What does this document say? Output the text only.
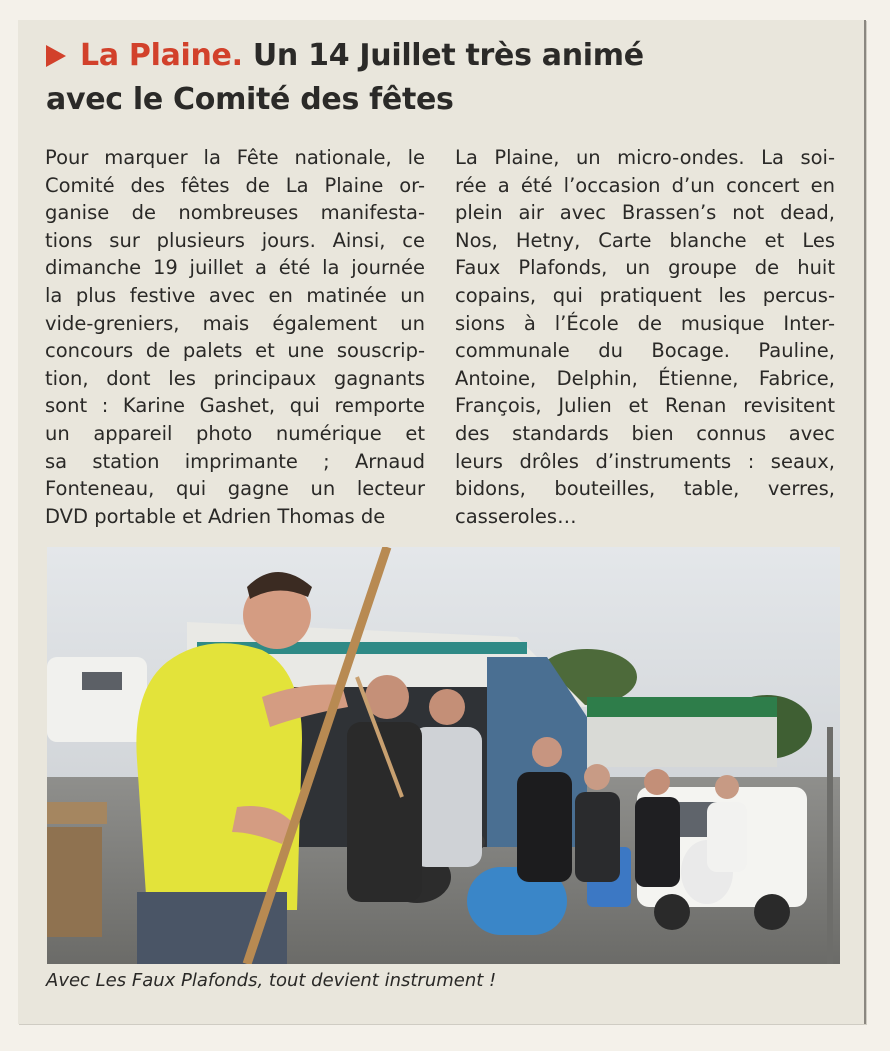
La Plaine. Un 14 Juillet très animé
avec le Comité des fêtes
Pour marquer la Fête nationale, le
Comité des fêtes de La Plaine or-
ganise de nombreuses manifesta-
tions sur plusieurs jours. Ainsi, ce
dimanche 19 juillet a été la journée
la plus festive avec en matinée un
vide-greniers, mais également un
concours de palets et une souscrip-
tion, dont les principaux gagnants
sont : Karine Gashet, qui remporte
un appareil photo numérique et
sa station imprimante ; Arnaud
Fonteneau, qui gagne un lecteur
DVD portable et Adrien Thomas de
La Plaine, un micro-ondes. La soi-
rée a été l’occasion d’un concert en
plein air avec Brassen’s not dead,
Nos, Hetny, Carte blanche et Les
Faux Plafonds, un groupe de huit
copains, qui pratiquent les percus-
sions à l’École de musique Inter-
communale du Bocage. Pauline,
Antoine, Delphin, Étienne, Fabrice,
François, Julien et Renan revisitent
des standards bien connus avec
leurs drôles d’instruments : seaux,
bidons, bouteilles, table, verres,
casseroles…
Avec Les Faux Plafonds, tout devient instrument !
